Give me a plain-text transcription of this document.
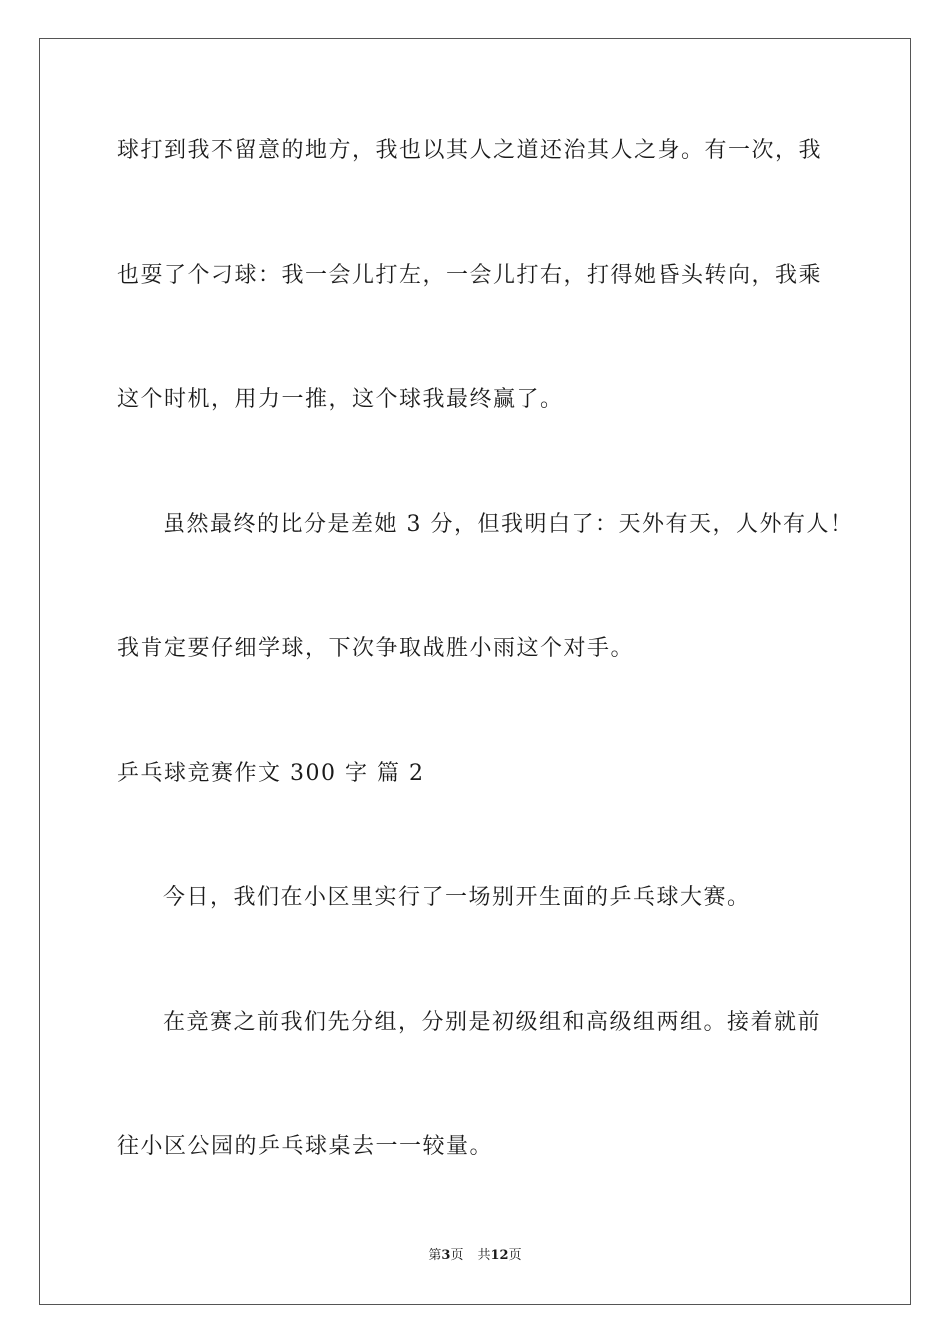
球打到我不留意的地方，我也以其人之道还治其人之身。有一次，我
也耍了个刁球：我一会儿打左，一会儿打右，打得她昏头转向，我乘
这个时机，用力一推，这个球我最终赢了。
虽然最终的比分是差她 3 分，但我明白了：天外有天，人外有人！
我肯定要仔细学球，下次争取战胜小雨这个对手。
乒乓球竞赛作文 300 字 篇 2
今日，我们在小区里实行了一场别开生面的乒乓球大赛。
在竞赛之前我们先分组，分别是初级组和高级组两组。接着就前
往小区公园的乒乓球桌去一一较量。
第3页 共12页
